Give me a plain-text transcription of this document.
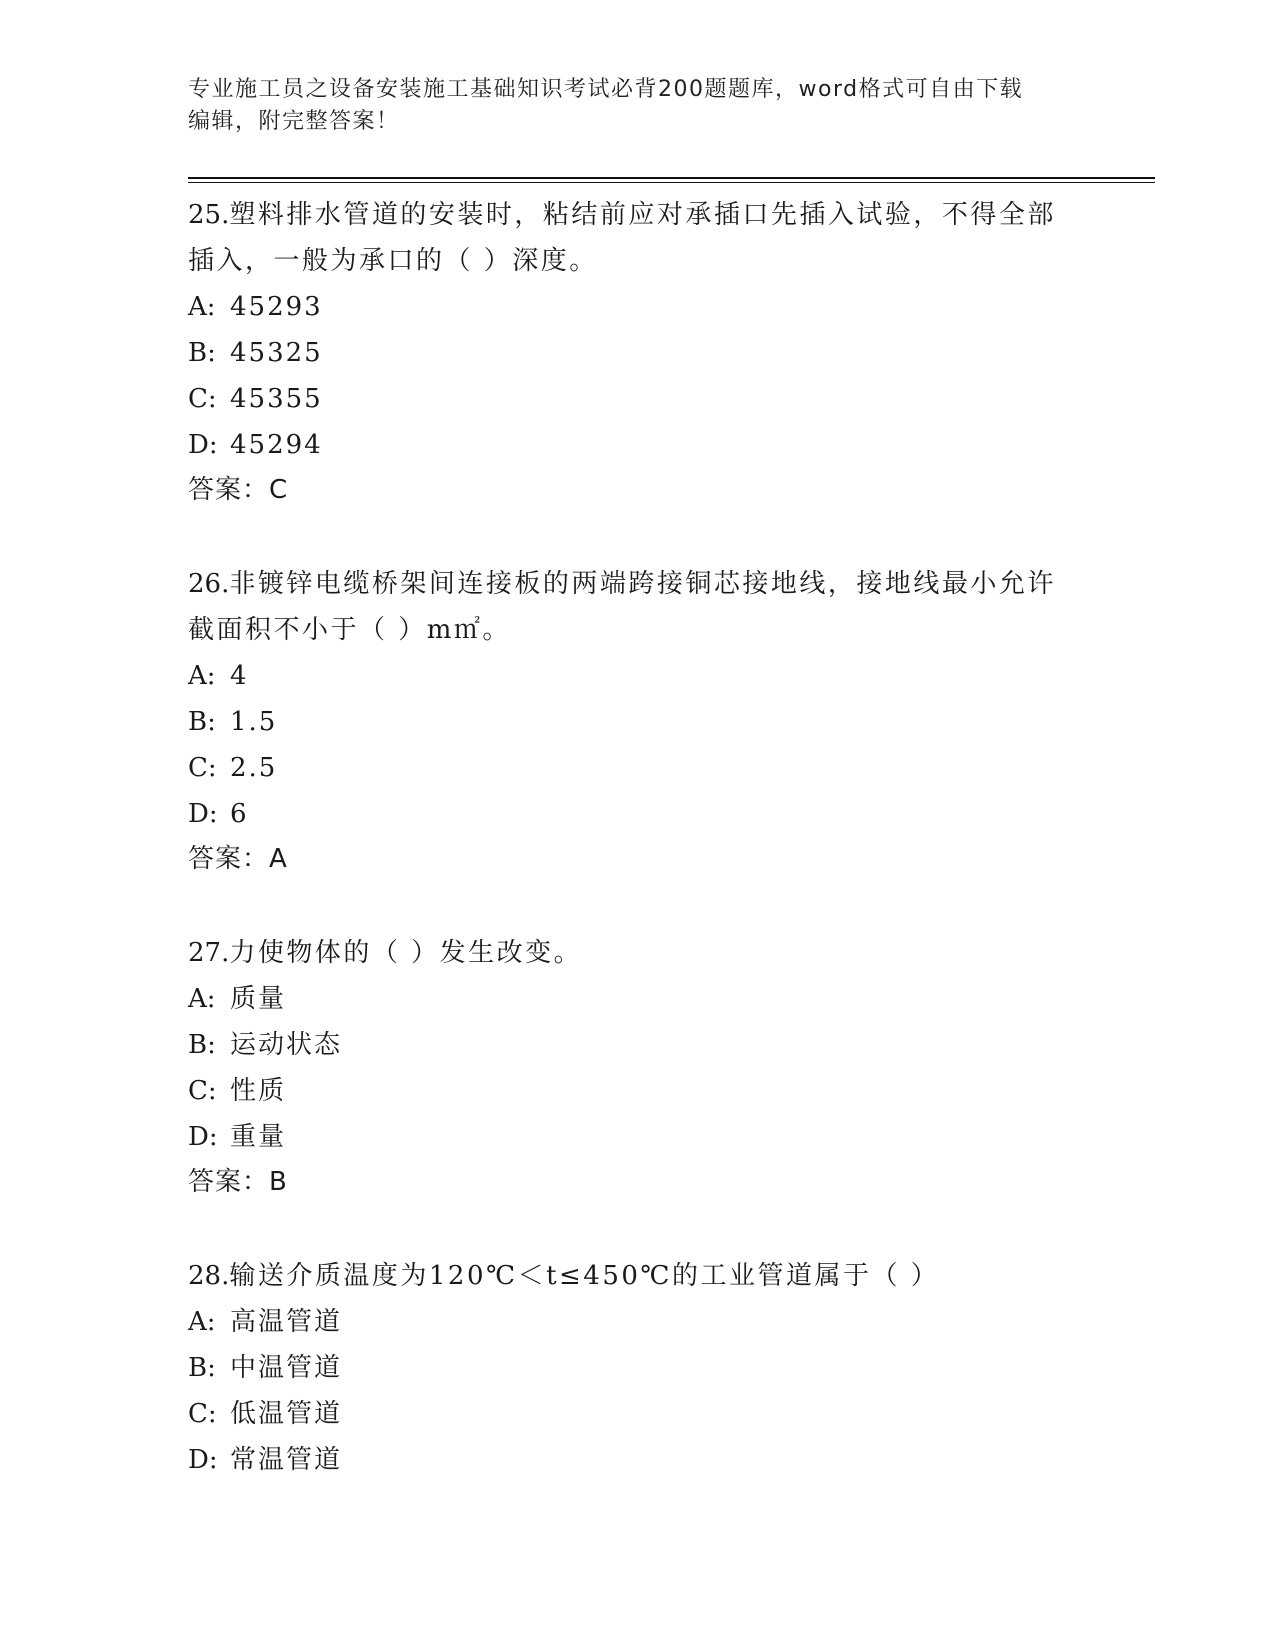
专业施工员之设备安装施工基础知识考试必背200题题库，word格式可自由下载
编辑，附完整答案！
25.塑料排水管道的安装时，粘结前应对承插口先插入试验，不得全部
插入，一般为承口的（ ）深度。
A: 45293
B: 45325
C: 45355
D: 45294
答案：C
26.非镀锌电缆桥架间连接板的两端跨接铜芯接地线，接地线最小允许
截面积不小于（ ）m㎡。
A: 4
B: 1.5
C: 2.5
D: 6
答案：A
27.力使物体的（ ）发生改变。
A: 质量
B: 运动状态
C: 性质
D: 重量
答案：B
28.输送介质温度为120℃＜t≤450℃的工业管道属于（ ）
A: 高温管道
B: 中温管道
C: 低温管道
D: 常温管道
